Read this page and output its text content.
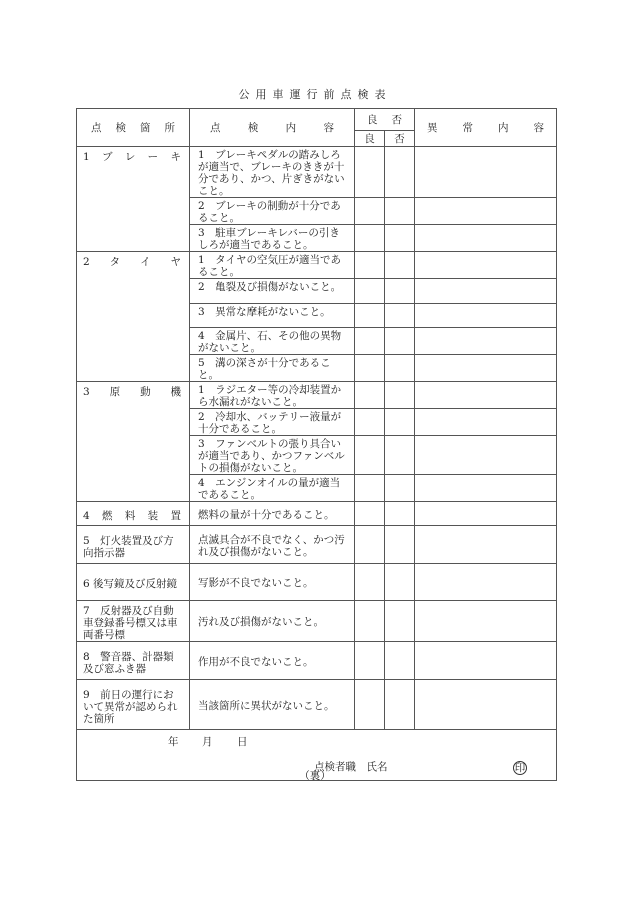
公用車運行前点検表
点 検 箇 所	点 検 内 容	良 否		異 常 内 容

		良	否	

1 ブ レ ー キ	1　ブレーキペダルの踏みしろが適当で、ブレーキのききが十分であり、かつ、片ぎきがないこと。			

	2　ブレーキの制動が十分であること。			

	3　駐車ブレーキレバーの引きしろが適当であること。			

2 タ イ ヤ	1　タイヤの空気圧が適当であること。			

	2　亀裂及び損傷がないこと。			

	3　異常な摩耗がないこと。			

	4　金属片、石、その他の異物がないこと。			

	5　溝の深さが十分であること。			

3 原 動 機	1　ラジエター等の冷却装置から水漏れがないこと。			

	2　冷却水、バッテリー液量が十分であること。			

	3　ファンベルトの張り具合いが適当であり、かつファンベルトの損傷がないこと。			

	4　エンジンオイルの量が適当であること。			

4 燃 料 装 置	燃料の量が十分であること。			

5　灯火装置及び方向指示器	点滅具合が不良でなく、かつ汚れ及び損傷がないこと。			

6 後写鏡及び反射鏡	写影が不良でないこと。			

7　反射器及び自動車登録番号標又は車両番号標	汚れ及び損傷がないこと。			

8　警音器、計器類及び窓ふき器	作用が不良でないこと。			

9　前日の運行において異常が認められた箇所	当該箇所に異状がないこと。			

年 月 日
点検者職　氏名 印				
（裏）
